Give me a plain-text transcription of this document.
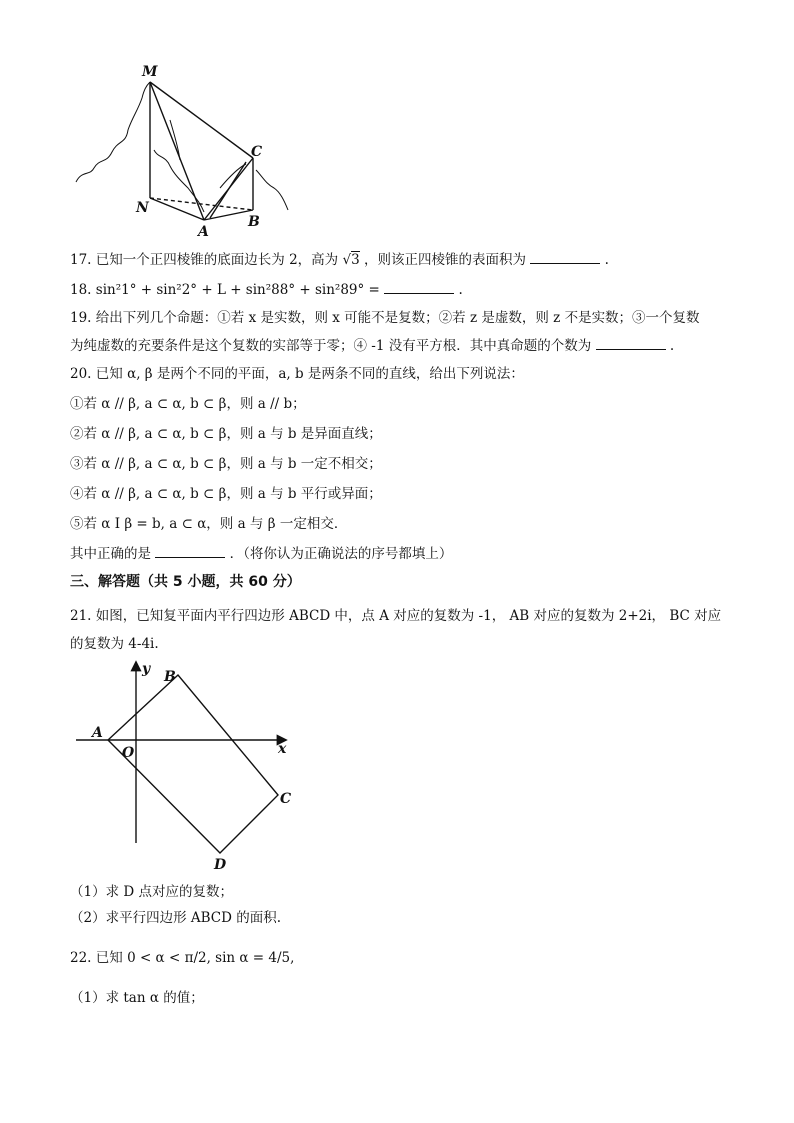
M
C
N
A
B
17. 已知一个正四棱锥的底面边长为 2，高为 √3 ，则该正四棱锥的表面积为	.
18. sin²1° + sin²2° + L + sin²88° + sin²89° =	.
19. 给出下列几个命题：①若 x 是实数，则 x 可能不是复数；②若 z 是虚数，则 z 不是实数；③一个复数
为纯虚数的充要条件是这个复数的实部等于零；④ -1 没有平方根．其中真命题的个数为	.
20. 已知 α, β 是两个不同的平面，a, b 是两条不同的直线，给出下列说法：
①若 α // β, a ⊂ α, b ⊂ β，则 a // b；
②若 α // β, a ⊂ α, b ⊂ β，则 a 与 b 是异面直线；
③若 α // β, a ⊂ α, b ⊂ β，则 a 与 b 一定不相交；
④若 α // β, a ⊂ α, b ⊂ β，则 a 与 b 平行或异面；
⑤若 α I β = b, a ⊂ α，则 a 与 β 一定相交．
其中正确的是	．（将你认为正确说法的序号都填上）
三、解答题（共 5 小题，共 60 分）
21. 如图，已知复平面内平行四边形 ABCD 中，点 A 对应的复数为 -1， AB 对应的复数为 2+2i， BC 对应
的复数为 4-4i.
y
x
O
A
B
C
D
（1）求 D 点对应的复数；
（2）求平行四边形 ABCD 的面积.
22. 已知 0 < α < π/2, sin α = 4/5,
（1）求 tan α 的值；
